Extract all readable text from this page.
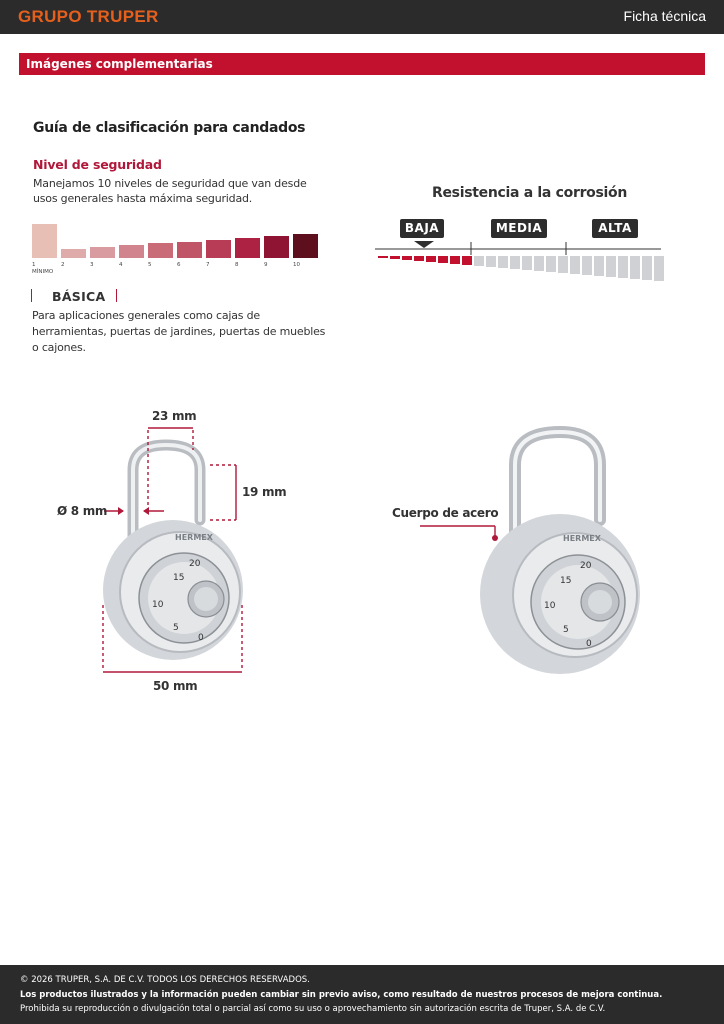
GRUPO TRUPER	Ficha técnica
Imágenes complementarias
Guía de clasificación para candados
Nivel de seguridad
Manejamos 10 niveles de seguridad que van desde usos generales hasta máxima seguridad.
1	2	3	4	5	6	7	8	9	10
MÍNIMO
BÁSICA
Para aplicaciones generales como cajas de herramientas, puertas de jardines, puertas de muebles o cajones.
Resistencia a la corrosión
BAJA	MEDIA	ALTA
HERMEX
20
15
10
5
0
23 mm
19 mm
Ø 8 mm
50 mm
HERMEX
20
15
10
5
0
Cuerpo de acero
© 2026 TRUPER, S.A. DE C.V. TODOS LOS DERECHOS RESERVADOS.
Los productos ilustrados y la información pueden cambiar sin previo aviso, como resultado de nuestros procesos de mejora continua.
Prohibida su reproducción o divulgación total o parcial así como su uso o aprovechamiento sin autorización escrita de Truper, S.A. de C.V.
